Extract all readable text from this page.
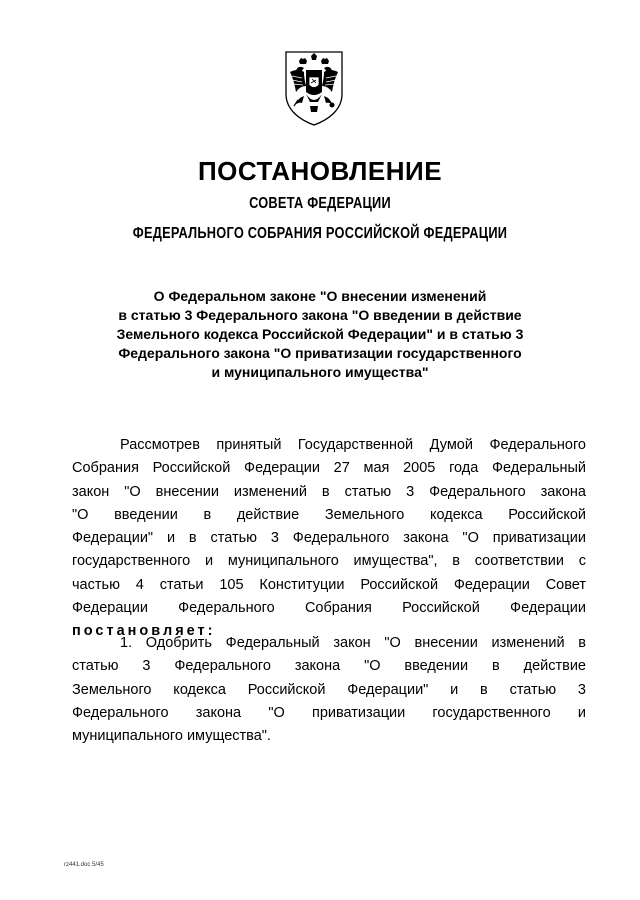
ПОСТАНОВЛЕНИЕ
СОВЕТА ФЕДЕРАЦИИ
ФЕДЕРАЛЬНОГО СОБРАНИЯ РОССИЙСКОЙ ФЕДЕРАЦИИ
О Федеральном законе "О внесении изменений
в статью 3 Федерального закона "О введении в действие
Земельного кодекса Российской Федерации" и в статью 3
Федерального закона "О приватизации государственного
и муниципального имущества"

Рассмотрев принятый Государственной Думой Федерального
Собрания Российской Федерации 27 мая 2005 года Федеральный
закон "О внесении изменений в статью 3 Федерального закона
"О введении в действие Земельного кодекса Российской
Федерации" и в статью 3 Федерального закона "О приватизации
государственного и муниципального имущества", в соответствии с
частью 4 статьи 105 Конституции Российской Федерации Совет
Федерации Федерального Собрания Российской Федерации
постановляет:

1. Одобрить Федеральный закон "О внесении изменений в
статью 3 Федерального закона "О введении в действие
Земельного кодекса Российской Федерации" и в статью 3
Федерального закона "О приватизации государственного и
муниципального имущества".

rz441.doc 5/45
